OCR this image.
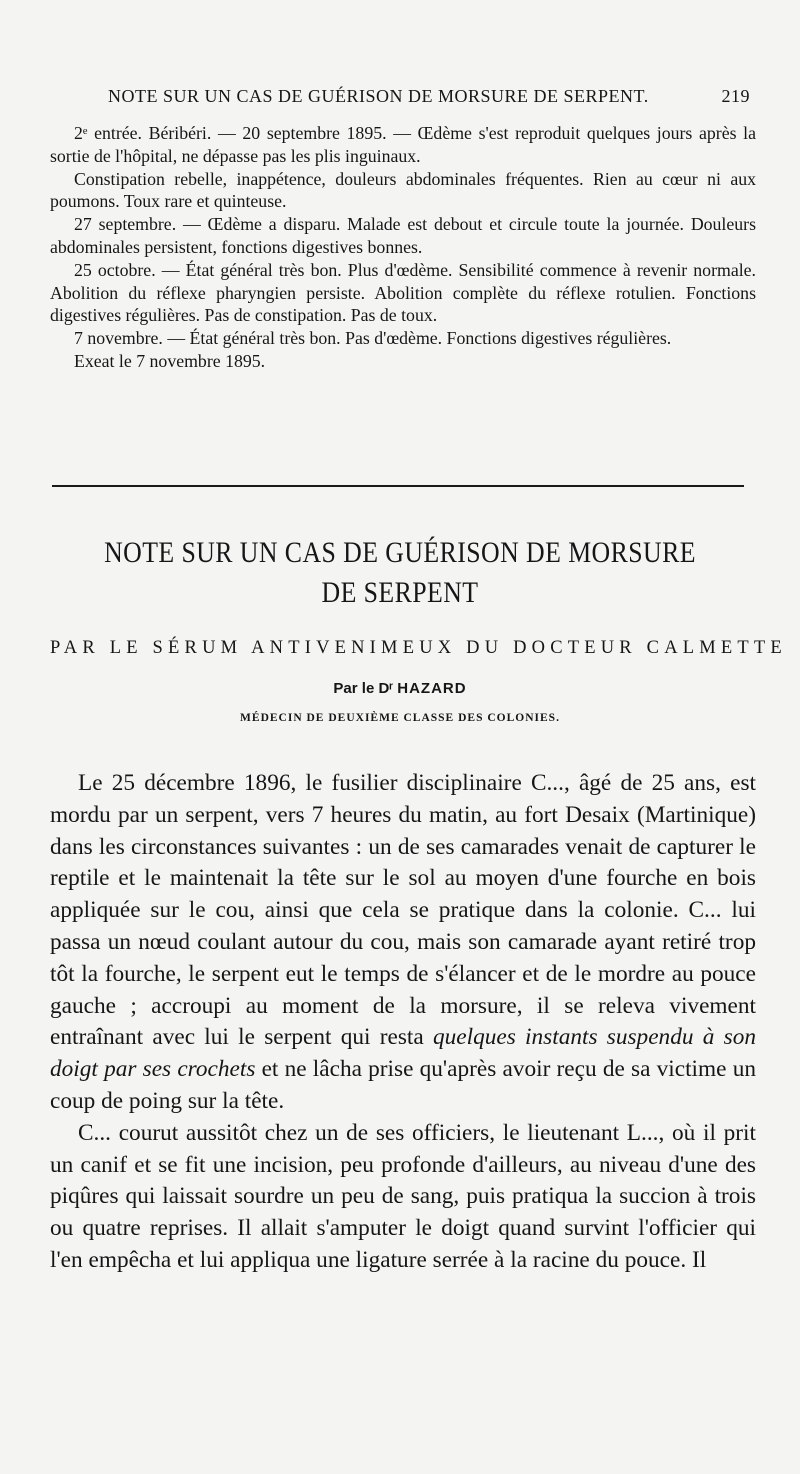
NOTE SUR UN CAS DE GUÉRISON DE MORSURE DE SERPENT.	219

2ᵉ entrée. Béribéri. — 20 septembre 1895. — Œdème s'est reproduit quelques jours après la sortie de l'hôpital, ne dépasse pas les plis inguinaux.

Constipation rebelle, inappétence, douleurs abdominales fréquentes. Rien au cœur ni aux poumons. Toux rare et quinteuse.

27 septembre. — Œdème a disparu. Malade est debout et circule toute la journée. Douleurs abdominales persistent, fonctions digestives bonnes.

25 octobre. — État général très bon. Plus d'œdème. Sensibilité commence à revenir normale. Abolition du réflexe pharyngien persiste. Abolition complète du réflexe rotulien. Fonctions digestives régulières. Pas de constipation. Pas de toux.

7 novembre. — État général très bon. Pas d'œdème. Fonctions digestives régulières.

Exeat le 7 novembre 1895.

NOTE SUR UN CAS DE GUÉRISON DE MORSURE
DE SERPENT
PAR LE SÉRUM ANTIVENIMEUX DU DOCTEUR CALMETTE
Par le Dʳ HAZARD
MÉDECIN DE DEUXIÈME CLASSE DES COLONIES.

Le 25 décembre 1896, le fusilier disciplinaire C..., âgé de 25 ans, est mordu par un serpent, vers 7 heures du matin, au fort Desaix (Martinique) dans les circonstances suivantes : un de ses camarades venait de capturer le reptile et le maintenait la tête sur le sol au moyen d'une fourche en bois appliquée sur le cou, ainsi que cela se pratique dans la colonie. C... lui passa un nœud coulant autour du cou, mais son camarade ayant retiré trop tôt la fourche, le serpent eut le temps de s'élancer et de le mordre au pouce gauche ; accroupi au moment de la morsure, il se releva vivement entraînant avec lui le serpent qui resta quelques instants suspendu à son doigt par ses crochets et ne lâcha prise qu'après avoir reçu de sa victime un coup de poing sur la tête.

C... courut aussitôt chez un de ses officiers, le lieutenant L..., où il prit un canif et se fit une incision, peu profonde d'ailleurs, au niveau d'une des piqûres qui laissait sourdre un peu de sang, puis pratiqua la succion à trois ou quatre reprises. Il allait s'amputer le doigt quand survint l'officier qui l'en empêcha et lui appliqua une ligature serrée à la racine du pouce. Il
